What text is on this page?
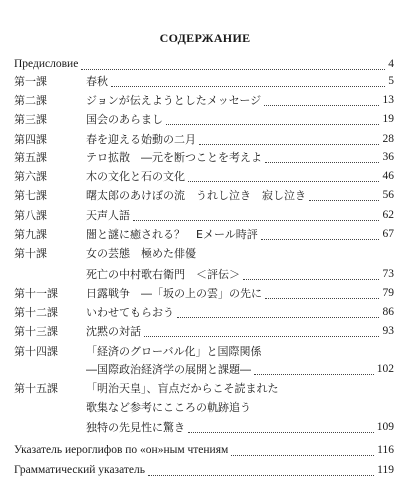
СОДЕРЖАНИЕ
Предисловие	4
第一課	春秋	5
第二課	ジョンが伝えようとしたメッセージ	13
第三課	国会のあらまし	19
第四課	春を迎える始動の二月	28
第五課	テロ拡散　―元を断つことを考えよ	36
第六課	木の文化と石の文化	46
第七課	曙太郎のあけぼの流　うれし泣き　寂し泣き	56
第八課	天声人語	62
第九課	闇と謎に癒される？　Eメール時評	67
第十課	女の芸態　極めた俳優
死亡の中村歌右衛門　＜評伝＞	73
第十一課	日露戦争　―「坂の上の雲」の先に	79
第十二課	いわせてもらおう	86
第十三課	沈黙の対話	93
第十四課	「経済のグローバル化」と国際関係
―国際政治経済学の展開と課題―	102
第十五課	「明治天皇」、盲点だからこそ読まれた
歌集など参考にこころの軌跡追う
独特の先見性に驚き	109
Указатель иероглифов по «он»ным чтениям	116
Грамматический указатель	119
